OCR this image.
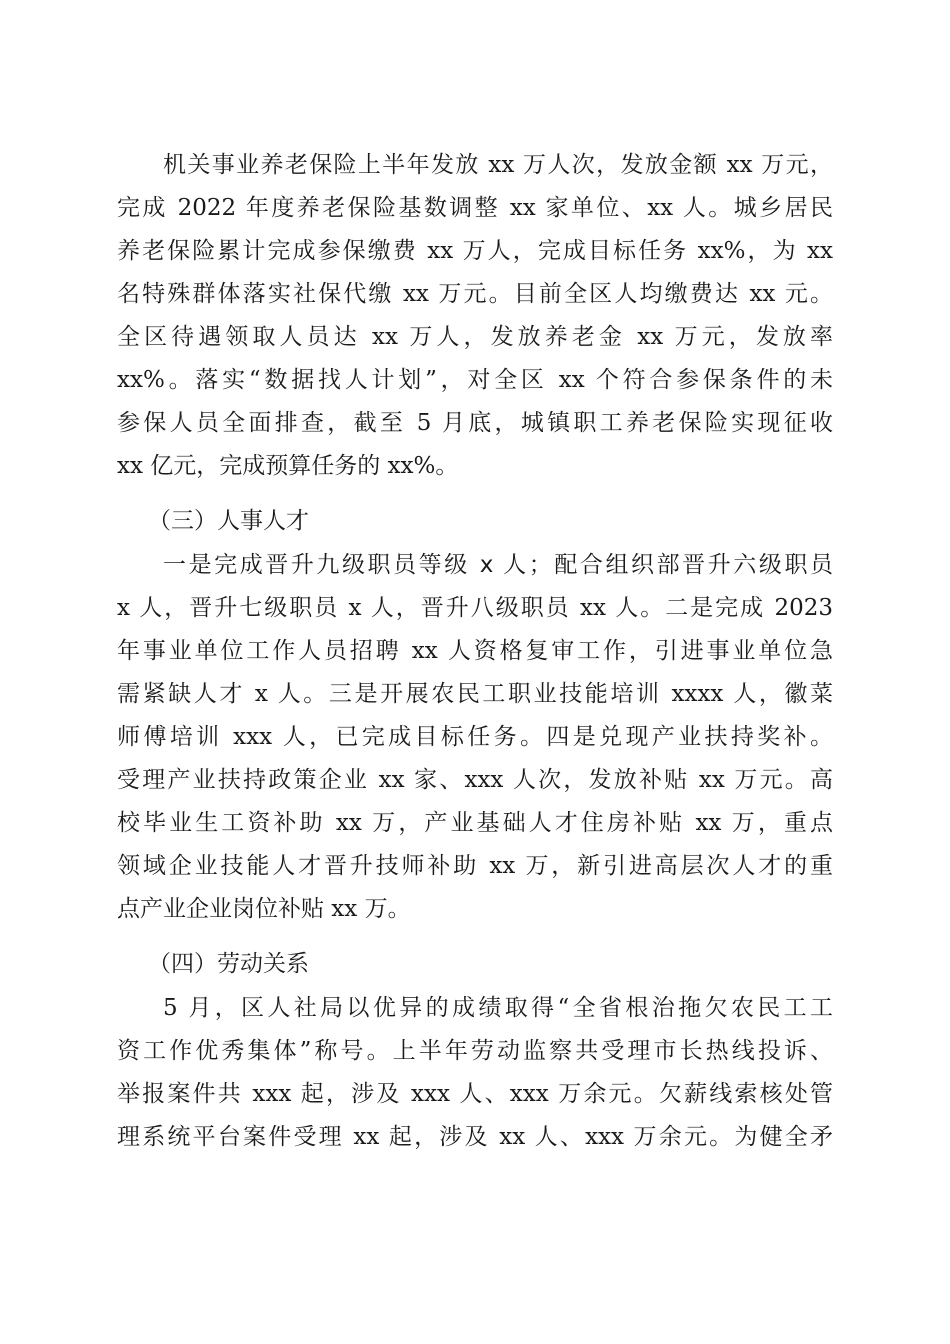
机关事业养老保险上半年发放 xx 万人次，发放金额 xx 万元，
完成 2022 年度养老保险基数调整 xx 家单位、xx 人。城乡居民
养老保险累计完成参保缴费 xx 万人，完成目标任务 xx%，为 xx
名特殊群体落实社保代缴 xx 万元。目前全区人均缴费达 xx 元。
全区待遇领取人员达 xx 万人，发放养老金 xx 万元，发放率
xx%。落实“数据找人计划”，对全区 xx 个符合参保条件的未
参保人员全面排查，截至 5 月底，城镇职工养老保险实现征收
xx 亿元，完成预算任务的 xx%。
（三）人事人才
一是完成晋升九级职员等级 x 人；配合组织部晋升六级职员
x 人，晋升七级职员 x 人，晋升八级职员 xx 人。二是完成 2023
年事业单位工作人员招聘 xx 人资格复审工作，引进事业单位急
需紧缺人才 x 人。三是开展农民工职业技能培训 xxxx 人，徽菜
师傅培训 xxx 人，已完成目标任务。四是兑现产业扶持奖补。
受理产业扶持政策企业 xx 家、xxx 人次，发放补贴 xx 万元。高
校毕业生工资补助 xx 万，产业基础人才住房补贴 xx 万，重点
领域企业技能人才晋升技师补助 xx 万，新引进高层次人才的重
点产业企业岗位补贴 xx 万。
（四）劳动关系
5 月，区人社局以优异的成绩取得“全省根治拖欠农民工工
资工作优秀集体”称号。上半年劳动监察共受理市长热线投诉、
举报案件共 xxx 起，涉及 xxx 人、xxx 万余元。欠薪线索核处管
理系统平台案件受理 xx 起，涉及 xx 人、xxx 万余元。为健全矛
